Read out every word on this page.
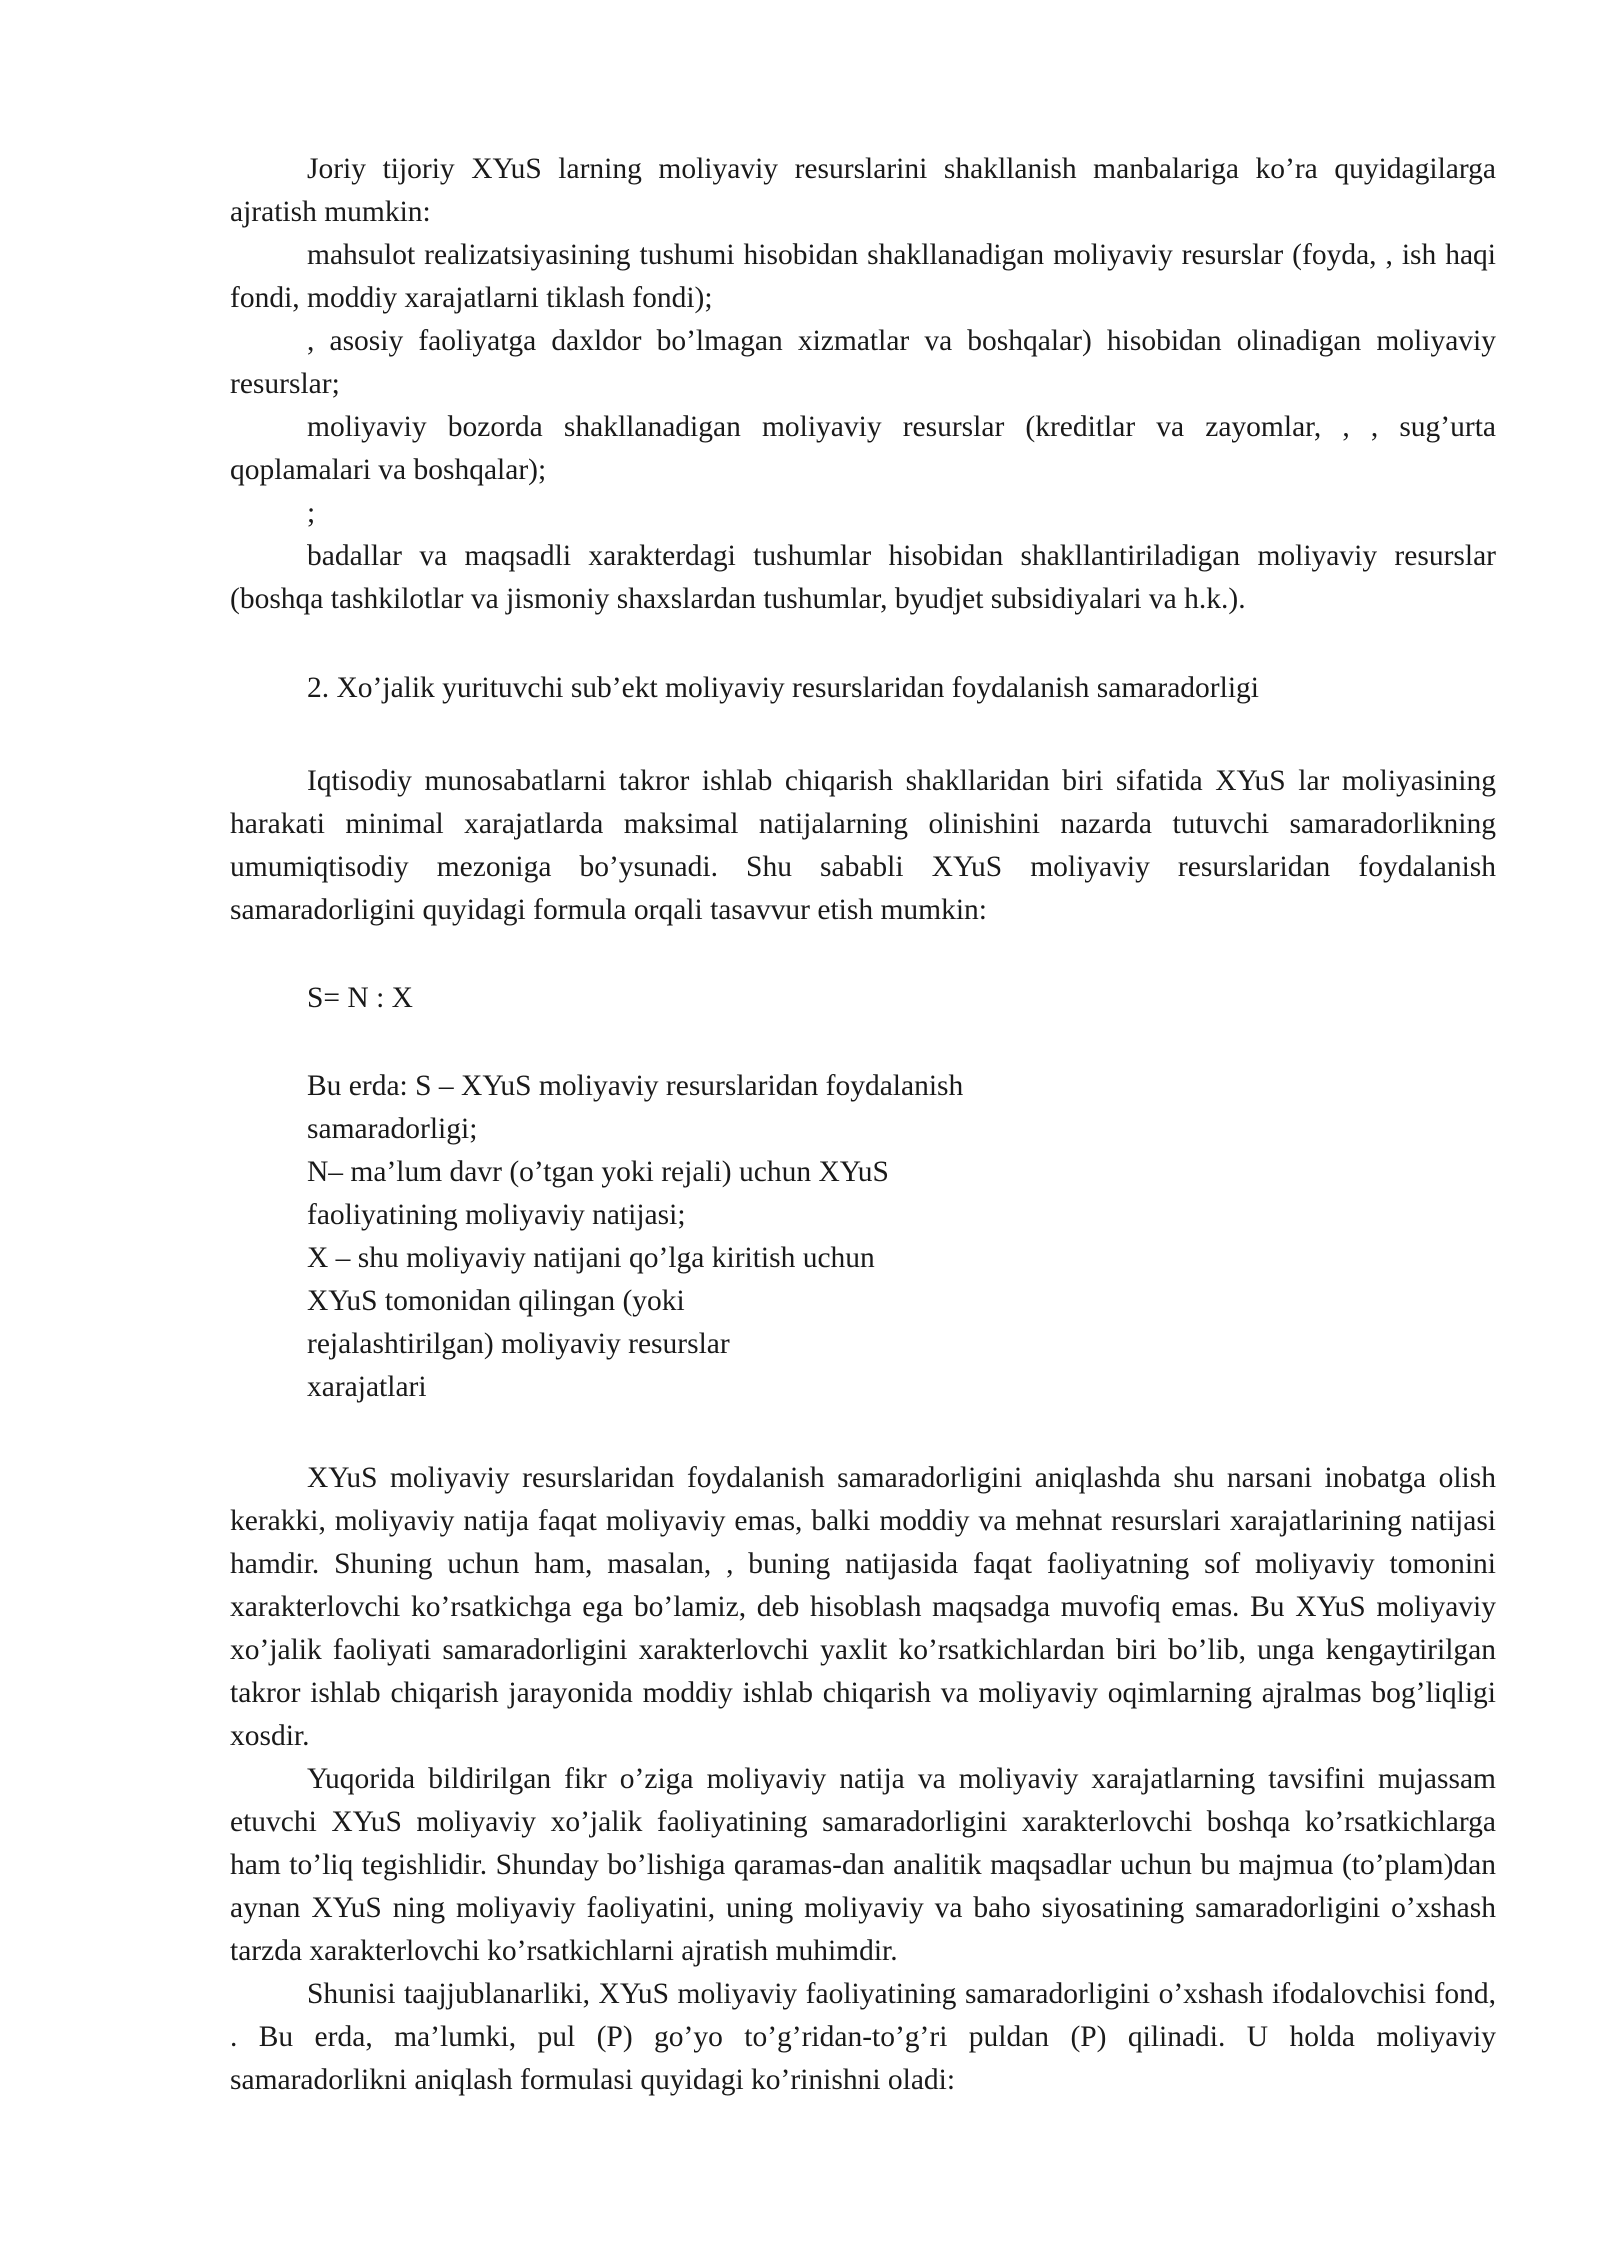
Joriy tijoriy XYuS larning moliyaviy resurslarini shakllanish manbalariga ko’ra quyidagilarga ajratish mumkin:

mahsulot realizatsiyasining tushumi hisobidan shakllanadigan moliyaviy resurslar (foyda, , ish haqi fondi, moddiy xarajatlarni tiklash fondi);

, asosiy faoliyatga daxldor bo’lmagan xizmatlar va boshqalar) hisobidan olinadigan moliyaviy resurslar;

moliyaviy bozorda shakllanadigan moliyaviy resurslar (kreditlar va zayomlar, , , sug’urta qoplamalari va boshqalar);

;

badallar va maqsadli xarakterdagi tushumlar hisobidan shakllantiriladigan moliyaviy resurslar (boshqa tashkilotlar va jismoniy shaxslardan tushumlar, byudjet subsidiyalari va h.k.).

2. Xo’jalik yurituvchi sub’ekt moliyaviy resurslaridan foydalanish samaradorligi

Iqtisodiy munosabatlarni takror ishlab chiqarish shakllaridan biri sifatida XYuS lar moliyasining harakati minimal xarajatlarda maksimal natijalarning olinishini nazarda tutuvchi samaradorlikning umumiqtisodiy mezoniga bo’ysunadi. Shu sababli XYuS moliyaviy resurslaridan foydalanish samaradorligini quyidagi formula orqali tasavvur etish mumkin:

S= N : X

Bu erda: S – XYuS moliyaviy resurslaridan foydalanish

samaradorligi;

N– ma’lum davr (o’tgan yoki rejali) uchun XYuS

faoliyatining moliyaviy natijasi;

X – shu moliyaviy natijani qo’lga kiritish uchun

XYuS tomonidan qilingan (yoki

rejalashtirilgan) moliyaviy resurslar

xarajatlari

XYuS moliyaviy resurslaridan foydalanish samaradorligini aniqlashda shu narsani inobatga olish kerakki, moliyaviy natija faqat moliyaviy emas, balki moddiy va mehnat resurslari xarajatlarining natijasi hamdir. Shuning uchun ham, masalan, , buning natijasida faqat faoliyatning sof moliyaviy tomonini xarakterlovchi ko’rsatkichga ega bo’lamiz, deb hisoblash maqsadga muvofiq emas. Bu XYuS moliyaviy xo’jalik faoliyati samaradorligini xarakterlovchi yaxlit ko’rsatkichlardan biri bo’lib, unga kengaytirilgan takror ishlab chiqarish jarayonida moddiy ishlab chiqarish va moliyaviy oqimlarning ajralmas bog’liqligi xosdir.

Yuqorida bildirilgan fikr o’ziga moliyaviy natija va moliyaviy xarajatlarning tavsifini mujassam etuvchi XYuS moliyaviy xo’jalik faoliyatining samaradorligini xarakterlovchi boshqa ko’rsatkichlarga ham to’liq tegishlidir. Shunday bo’lishiga qaramas-dan analitik maqsadlar uchun bu majmua (to’plam)dan aynan XYuS ning moliyaviy faoliyatini, uning moliyaviy va baho siyosatining samaradorligini o’xshash tarzda xarakterlovchi ko’rsatkichlarni ajratish muhimdir.

Shunisi taajjublanarliki, XYuS moliyaviy faoliyatining samaradorligini o’xshash ifodalovchisi fond, . Bu erda, ma’lumki, pul (P) go’yo to’g’ridan-to’g’ri puldan (P) qilinadi. U holda moliyaviy samaradorlikni aniqlash formulasi quyidagi ko’rinishni oladi:
